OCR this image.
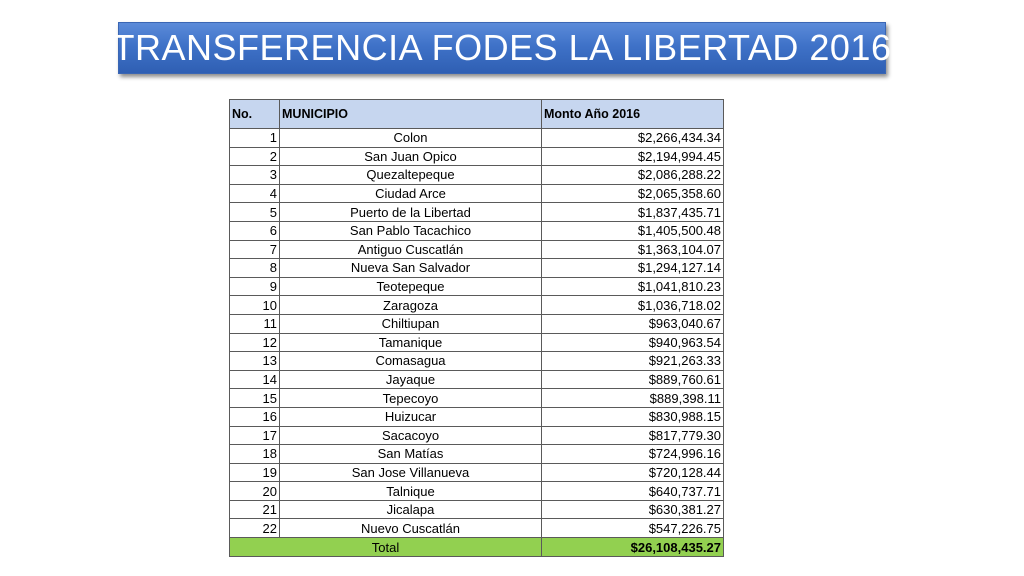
TRANSFERENCIA FODES LA LIBERTAD 2016
No.	MUNICIPIO	Monto Año 2016
1	Colon	$2,266,434.34
2	San Juan Opico	$2,194,994.45
3	Quezaltepeque	$2,086,288.22
4	Ciudad Arce	$2,065,358.60
5	Puerto de la Libertad	$1,837,435.71
6	San Pablo Tacachico	$1,405,500.48
7	Antiguo Cuscatlán	$1,363,104.07
8	Nueva San Salvador	$1,294,127.14
9	Teotepeque	$1,041,810.23
10	Zaragoza	$1,036,718.02
11	Chiltiupan	$963,040.67
12	Tamanique	$940,963.54
13	Comasagua	$921,263.33
14	Jayaque	$889,760.61
15	Tepecoyo	$889,398.11
16	Huizucar	$830,988.15
17	Sacacoyo	$817,779.30
18	San Matías	$724,996.16
19	San Jose Villanueva	$720,128.44
20	Talnique	$640,737.71
21	Jicalapa	$630,381.27
22	Nuevo Cuscatlán	$547,226.75
Total		$26,108,435.27
